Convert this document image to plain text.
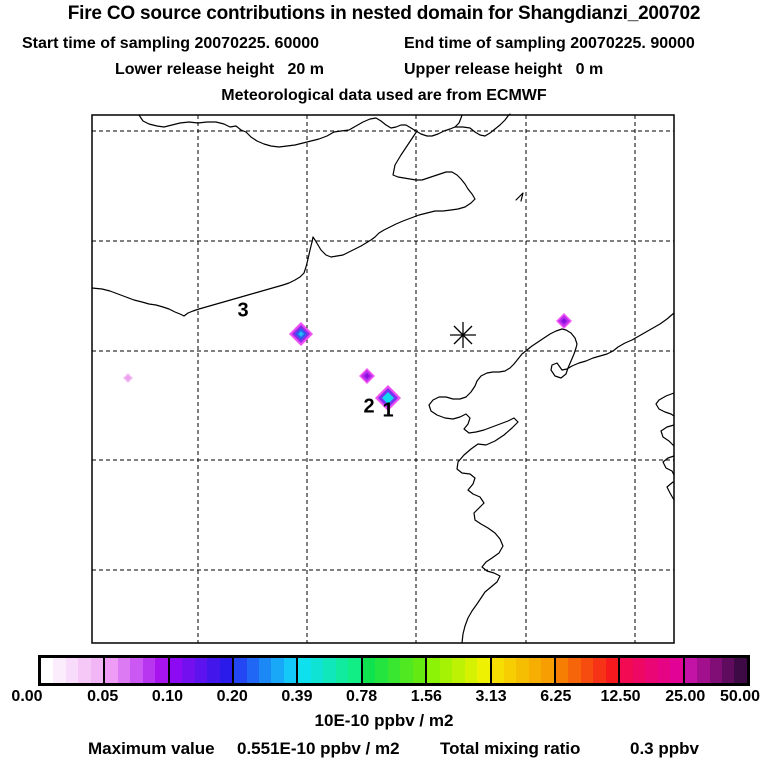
Fire CO source contributions in nested domain for Shangdianzi_200702
Start time of sampling 20070225. 60000	End time of sampling 20070225. 90000
Lower release height   20 m	Upper release height   0 m
Meteorological data used are from ECMWF
3
2 1
0.00	0.05 0.10 0.20 0.39 0.78 1.56 3.13 6.25 12.50 25.00 50.00
10E-10 ppbv / m2
Maximum value 0.551E-10 ppbv / m2 Total mixing ratio	0.3 ppbv
